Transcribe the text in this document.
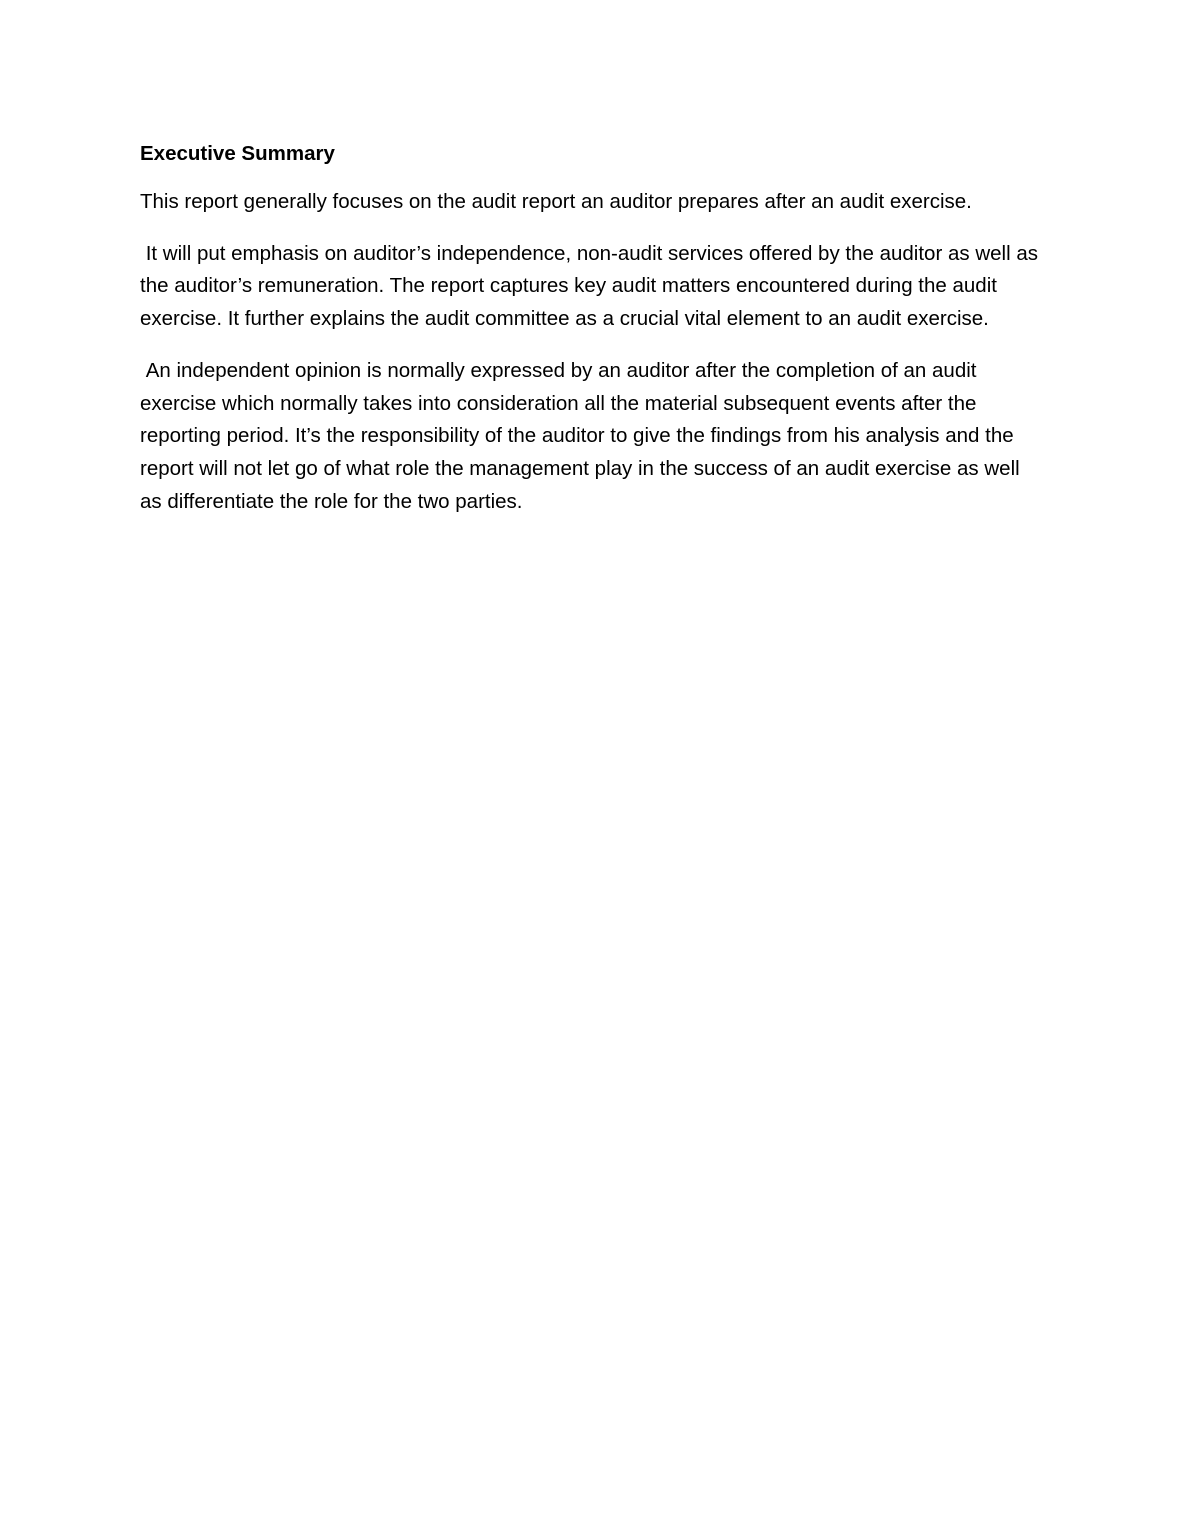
Executive Summary

This report generally focuses on the audit report an auditor prepares after an audit exercise.

It will put emphasis on auditor’s independence, non-audit services offered by the auditor as well as the auditor’s remuneration. The report captures key audit matters encountered during the audit exercise. It further explains the audit committee as a crucial vital element to an audit exercise.

An independent opinion is normally expressed by an auditor after the completion of an audit exercise which normally takes into consideration all the material subsequent events after the reporting period. It’s the responsibility of the auditor to give the findings from his analysis and the report will not let go of what role the management play in the success of an audit exercise as well as differentiate the role for the two parties.
